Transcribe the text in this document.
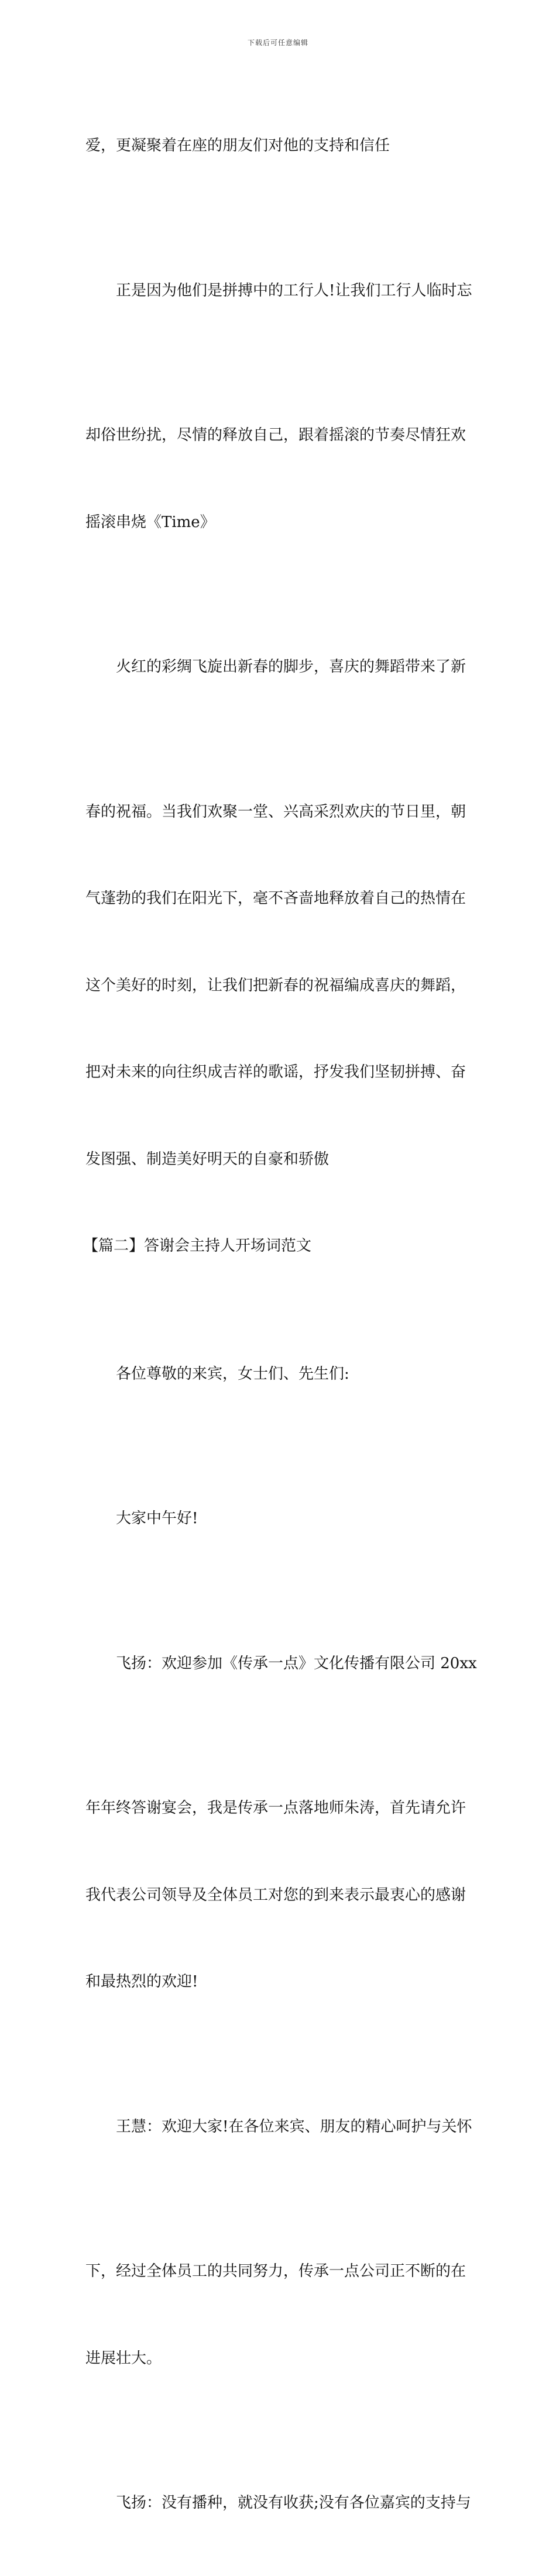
下载后可任意编辑

爱，更凝聚着在座的朋友们对他的支持和信任

正是因为他们是拼搏中的工行人!让我们工行人临时忘

却俗世纷扰，尽情的释放自己，跟着摇滚的节奏尽情狂欢

摇滚串烧《Time》

火红的彩绸飞旋出新春的脚步，喜庆的舞蹈带来了新

春的祝福。当我们欢聚一堂、兴高采烈欢庆的节日里，朝

气蓬勃的我们在阳光下，毫不吝啬地释放着自己的热情在

这个美好的时刻，让我们把新春的祝福编成喜庆的舞蹈，

把对未来的向往织成吉祥的歌谣，抒发我们坚韧拼搏、奋

发图强、制造美好明天的自豪和骄傲

【篇二】答谢会主持人开场词范文

各位尊敬的来宾，女士们、先生们:

大家中午好!

飞扬：欢迎参加《传承一点》文化传播有限公司 20xx

年年终答谢宴会，我是传承一点落地师朱涛，首先请允许

我代表公司领导及全体员工对您的到来表示最衷心的感谢

和最热烈的欢迎!

王慧：欢迎大家!在各位来宾、朋友的精心呵护与关怀

下，经过全体员工的共同努力，传承一点公司正不断的在

进展壮大。

飞扬：没有播种，就没有收获;没有各位嘉宾的支持与
